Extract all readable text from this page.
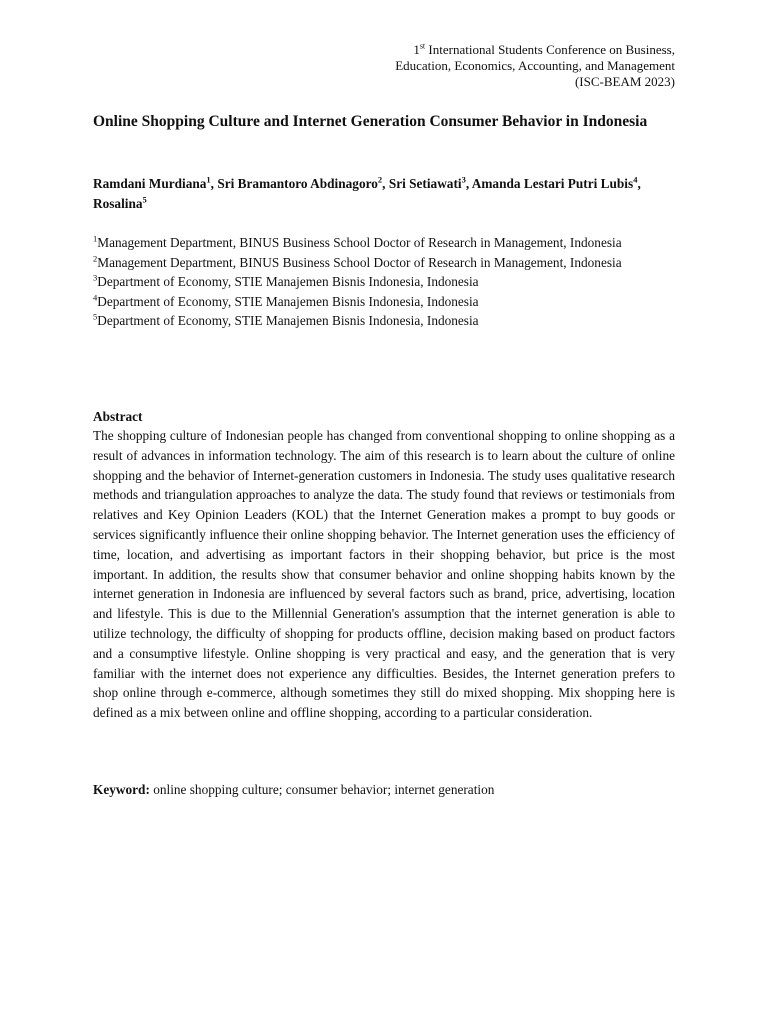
1st International Students Conference on Business,
Education, Economics, Accounting, and Management
(ISC-BEAM 2023)
Online Shopping Culture and Internet Generation Consumer Behavior in Indonesia
Ramdani Murdiana$^1$, Sri Bramantoro Abdinagoro$^2$, Sri Setiawati$^3$, Amanda Lestari Putri Lubis$^4$, Rosalina$^5$
$^1$Management Department, BINUS Business School Doctor of Research in Management, Indonesia
$^2$Management Department, BINUS Business School Doctor of Research in Management, Indonesia
$^3$Department of Economy, STIE Manajemen Bisnis Indonesia, Indonesia
$^4$Department of Economy, STIE Manajemen Bisnis Indonesia, Indonesia
$^5$Department of Economy, STIE Manajemen Bisnis Indonesia, Indonesia
Abstract

The shopping culture of Indonesian people has changed from conventional shopping to online shopping as a result of advances in information technology. The aim of this research is to learn about the culture of online shopping and the behavior of Internet-generation customers in Indonesia. The study uses qualitative research methods and triangulation approaches to analyze the data. The study found that reviews or testimonials from relatives and Key Opinion Leaders (KOL) that the Internet Generation makes a prompt to buy goods or services significantly influence their online shopping behavior. The Internet generation uses the efficiency of time, location, and advertising as important factors in their shopping behavior, but price is the most important. In addition, the results show that consumer behavior and online shopping habits known by the internet generation in Indonesia are influenced by several factors such as brand, price, advertising, location and lifestyle. This is due to the Millennial Generation's assumption that the internet generation is able to utilize technology, the difficulty of shopping for products offline, decision making based on product factors and a consumptive lifestyle. Online shopping is very practical and easy, and the generation that is very familiar with the internet does not experience any difficulties. Besides, the Internet generation prefers to shop online through e-commerce, although sometimes they still do mixed shopping. Mix shopping here is defined as a mix between online and offline shopping, according to a particular consideration.

Keyword: online shopping culture; consumer behavior; internet generation
